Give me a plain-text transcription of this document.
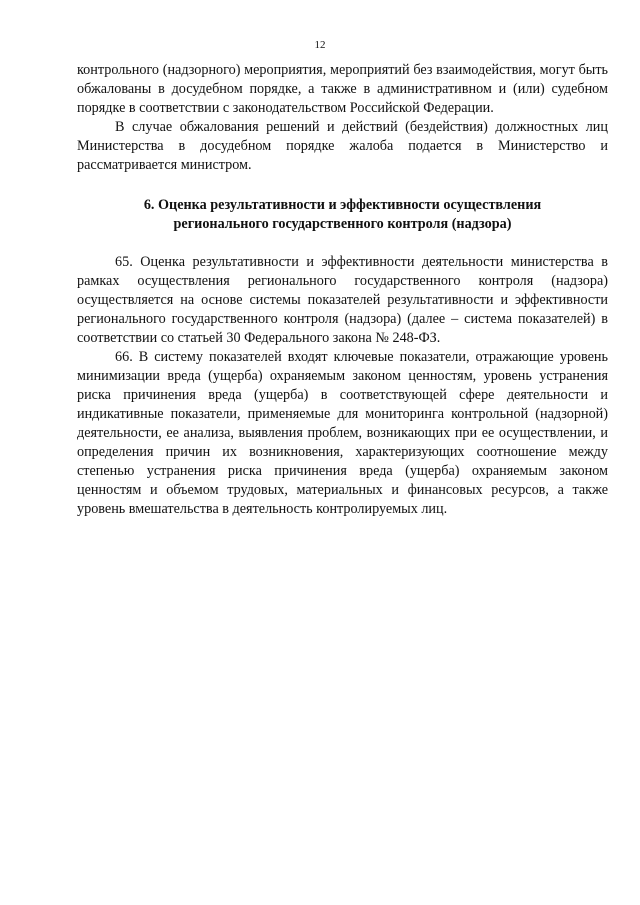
12

контрольного (надзорного) мероприятия, мероприятий без взаимодействия, могут быть обжалованы в досудебном порядке, а также в административном и (или) судебном порядке в соответствии с законодательством Российской Федерации.

В случае обжалования решений и действий (бездействия) должностных лиц Министерства в досудебном порядке жалоба подается в Министерство и рассматривается министром.

6. Оценка результативности и эффективности осуществления
регионального государственного контроля (надзора)

65. Оценка результативности и эффективности деятельности министерства в рамках осуществления регионального государственного контроля (надзора) осуществляется на основе системы показателей результативности и эффективности регионального государственного контроля (надзора) (далее – система показателей) в соответствии со статьей 30 Федерального закона № 248-ФЗ.

66. В систему показателей входят ключевые показатели, отражающие уровень минимизации вреда (ущерба) охраняемым законом ценностям, уровень устранения риска причинения вреда (ущерба) в соответствующей сфере деятельности и индикативные показатели, применяемые для мониторинга контрольной (надзорной) деятельности, ее анализа, выявления проблем, возникающих при ее осуществлении, и определения причин их возникновения, характеризующих соотношение между степенью устранения риска причинения вреда (ущерба) охраняемым законом ценностям и объемом трудовых, материальных и финансовых ресурсов, а также уровень вмешательства в деятельность контролируемых лиц.
